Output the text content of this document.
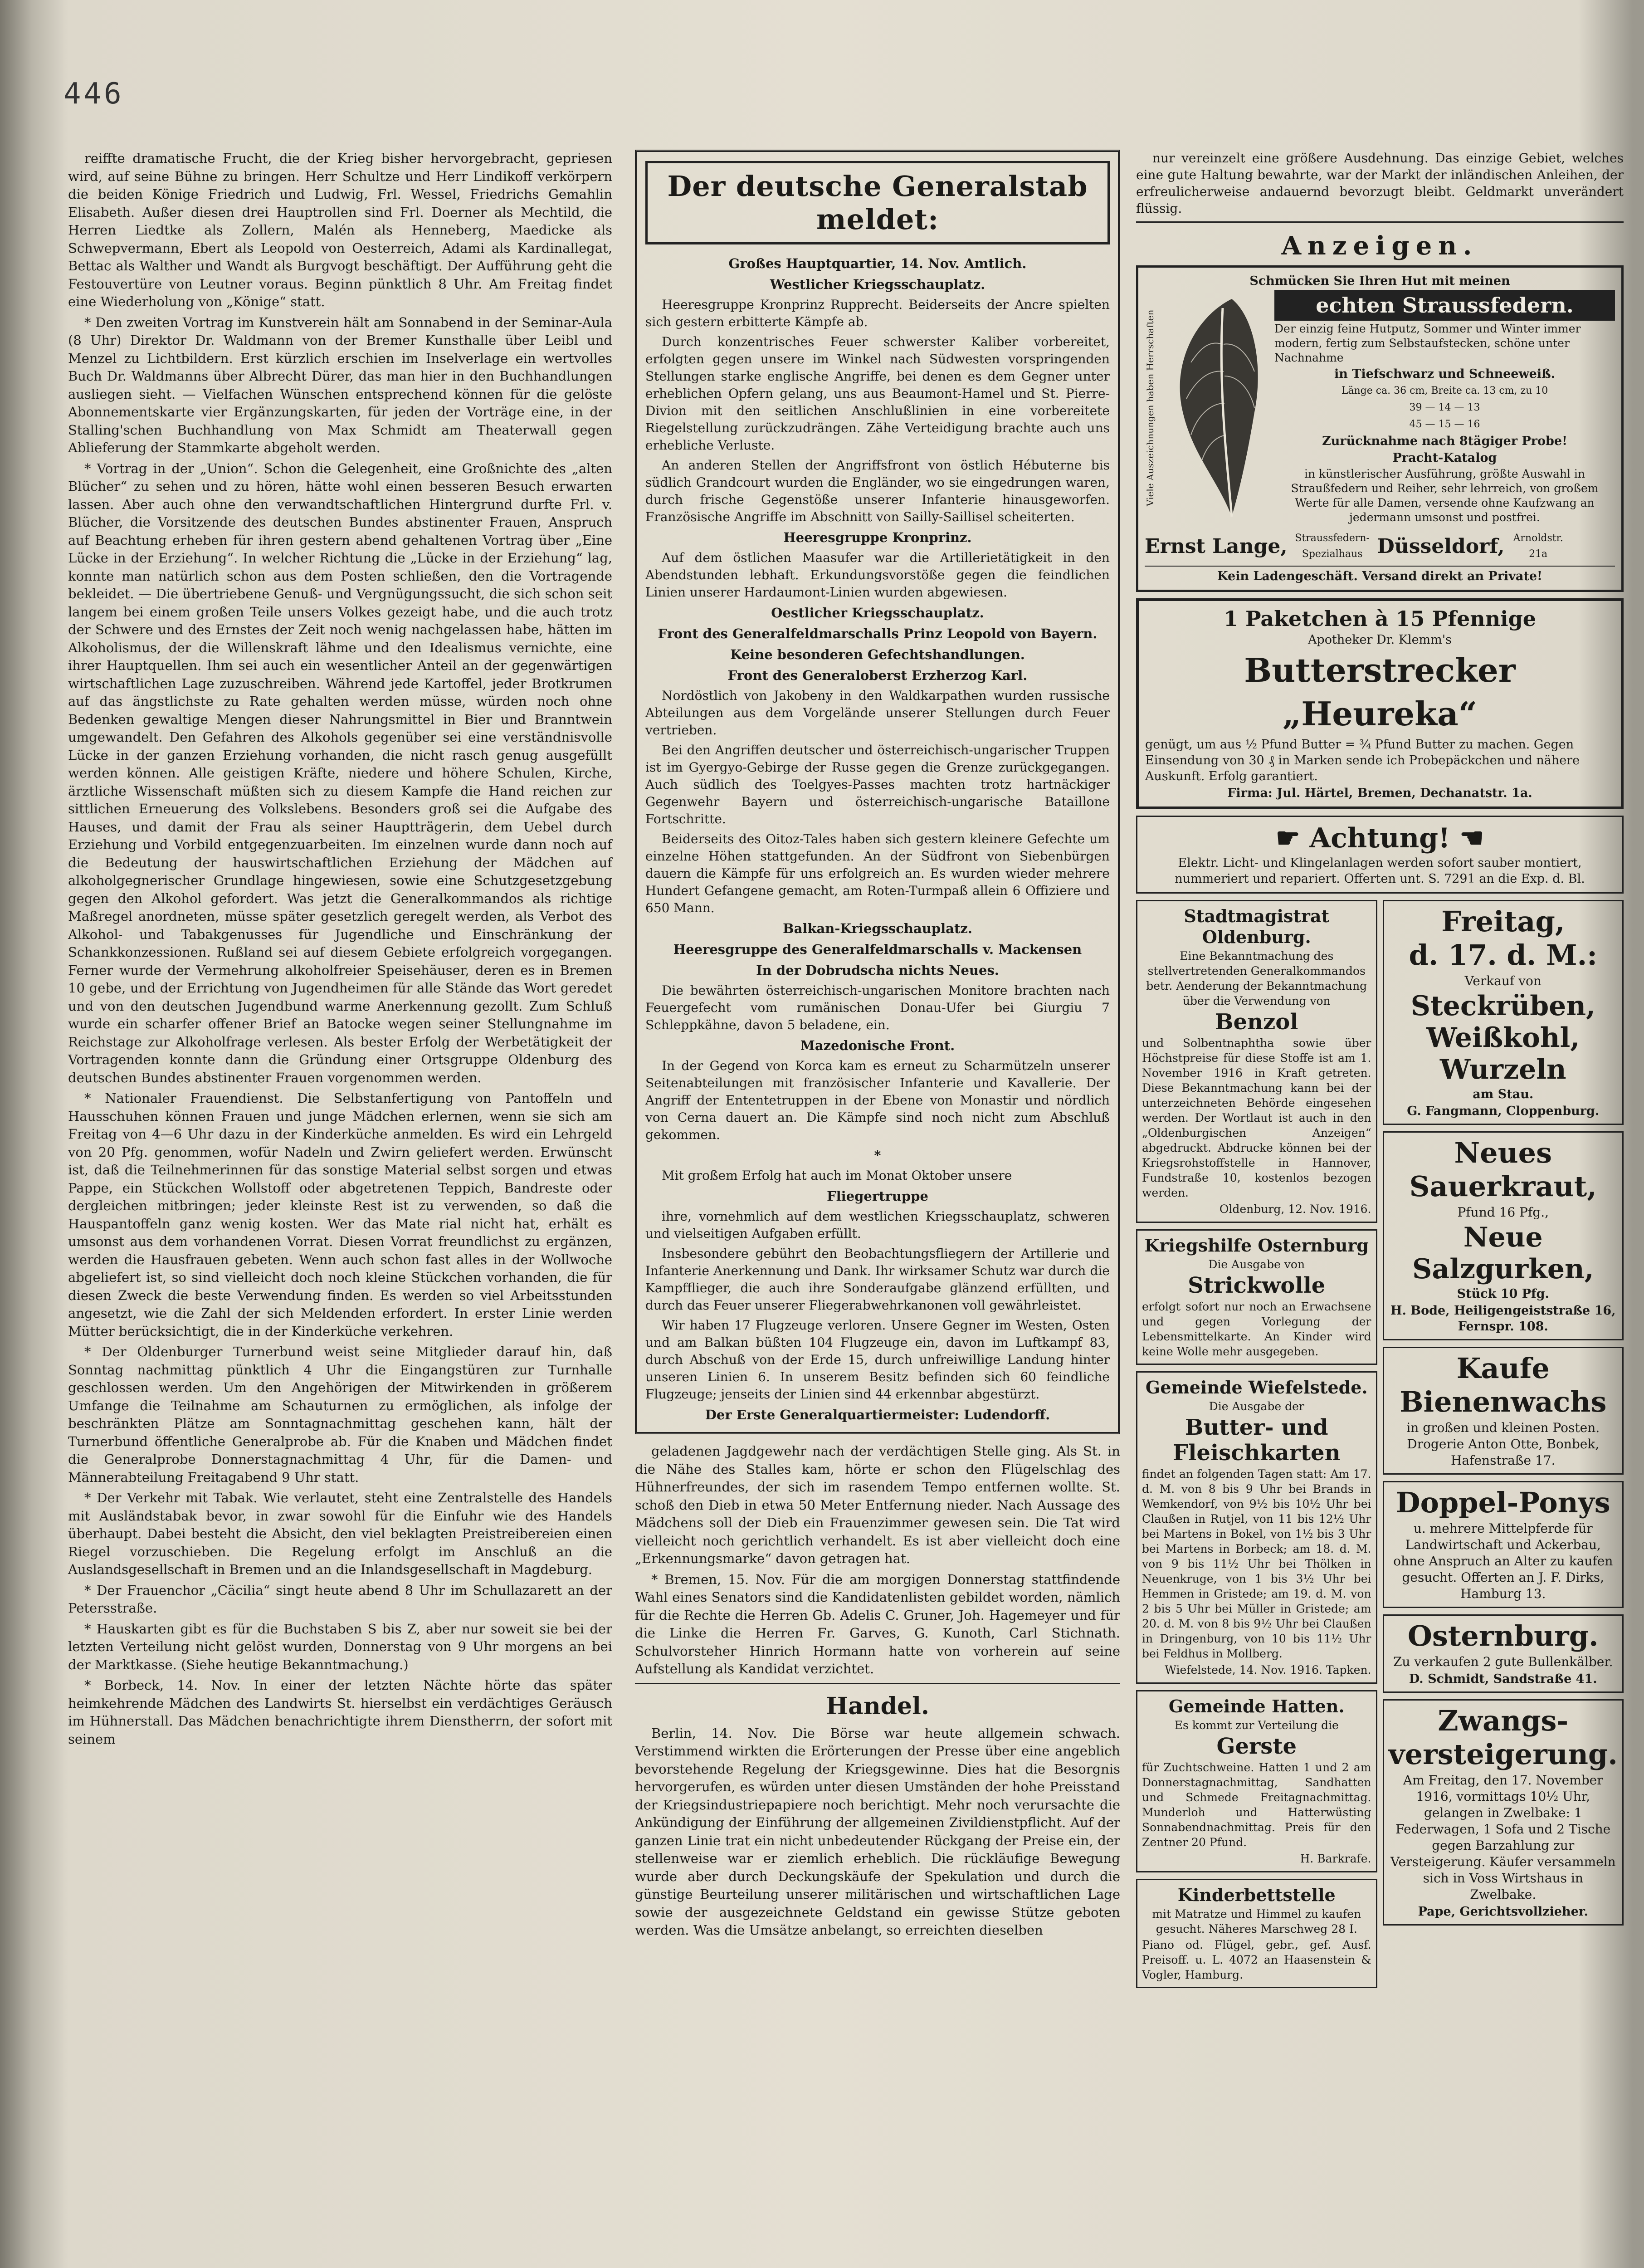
446

reiffte dramatische Frucht, die der Krieg bisher hervorgebracht, gepriesen wird, auf seine Bühne zu bringen. Herr Schultze und Herr Lindikoff verkörpern die beiden Könige Friedrich und Ludwig, Frl. Wessel, Friedrichs Gemahlin Elisabeth. Außer diesen drei Hauptrollen sind Frl. Doerner als Mechtild, die Herren Liedtke als Zollern, Malén als Henneberg, Maedicke als Schwepvermann, Ebert als Leopold von Oesterreich, Adami als Kardinallegat, Bettac als Walther und Wandt als Burgvogt beschäftigt. Der Aufführung geht die Festouvertüre von Leutner voraus. Beginn pünktlich 8 Uhr. Am Freitag findet eine Wiederholung von „Könige“ statt.

* Den zweiten Vortrag im Kunstverein hält am Sonnabend in der Seminar-Aula (8 Uhr) Direktor Dr. Waldmann von der Bremer Kunsthalle über Leibl und Menzel zu Lichtbildern. Erst kürzlich erschien im Inselverlage ein wertvolles Buch Dr. Waldmanns über Albrecht Dürer, das man hier in den Buchhandlungen ausliegen sieht. — Vielfachen Wünschen entsprechend können für die gelöste Abonnementskarte vier Ergänzungskarten, für jeden der Vorträge eine, in der Stalling'schen Buchhandlung von Max Schmidt am Theaterwall gegen Ablieferung der Stammkarte abgeholt werden.

* Vortrag in der „Union“. Schon die Gelegenheit, eine Großnichte des „alten Blücher“ zu sehen und zu hören, hätte wohl einen besseren Besuch erwarten lassen. Aber auch ohne den verwandtschaftlichen Hintergrund durfte Frl. v. Blücher, die Vorsitzende des deutschen Bundes abstinenter Frauen, Anspruch auf Beachtung erheben für ihren gestern abend gehaltenen Vortrag über „Eine Lücke in der Erziehung“. In welcher Richtung die „Lücke in der Erziehung“ lag, konnte man natürlich schon aus dem Posten schließen, den die Vortragende bekleidet. — Die übertriebene Genuß- und Vergnügungssucht, die sich schon seit langem bei einem großen Teile unsers Volkes gezeigt habe, und die auch trotz der Schwere und des Ernstes der Zeit noch wenig nachgelassen habe, hätten im Alkoholismus, der die Willenskraft lähme und den Idealismus vernichte, eine ihrer Hauptquellen. Ihm sei auch ein wesentlicher Anteil an der gegenwärtigen wirtschaftlichen Lage zuzuschreiben. Während jede Kartoffel, jeder Brotkrumen auf das ängstlichste zu Rate gehalten werden müsse, würden noch ohne Bedenken gewaltige Mengen dieser Nahrungsmittel in Bier und Branntwein umgewandelt. Den Gefahren des Alkohols gegenüber sei eine verständnisvolle Lücke in der ganzen Erziehung vorhanden, die nicht rasch genug ausgefüllt werden können. Alle geistigen Kräfte, niedere und höhere Schulen, Kirche, ärztliche Wissenschaft müßten sich zu diesem Kampfe die Hand reichen zur sittlichen Erneuerung des Volkslebens. Besonders groß sei die Aufgabe des Hauses, und damit der Frau als seiner Hauptträgerin, dem Uebel durch Erziehung und Vorbild entgegenzuarbeiten. Im einzelnen wurde dann noch auf die Bedeutung der hauswirtschaftlichen Erziehung der Mädchen auf alkoholgegnerischer Grundlage hingewiesen, sowie eine Schutzgesetzgebung gegen den Alkohol gefordert. Was jetzt die Generalkommandos als richtige Maßregel anordneten, müsse später gesetzlich geregelt werden, als Verbot des Alkohol- und Tabakgenusses für Jugendliche und Einschränkung der Schankkonzessionen. Rußland sei auf diesem Gebiete erfolgreich vorgegangen. Ferner wurde der Vermehrung alkoholfreier Speisehäuser, deren es in Bremen 10 gebe, und der Errichtung von Jugendheimen für alle Stände das Wort geredet und von den deutschen Jugendbund warme Anerkennung gezollt. Zum Schluß wurde ein scharfer offener Brief an Batocke wegen seiner Stellungnahme im Reichstage zur Alkoholfrage verlesen. Als bester Erfolg der Werbetätigkeit der Vortragenden konnte dann die Gründung einer Ortsgruppe Oldenburg des deutschen Bundes abstinenter Frauen vorgenommen werden.

* Nationaler Frauendienst. Die Selbstanfertigung von Pantoffeln und Hausschuhen können Frauen und junge Mädchen erlernen, wenn sie sich am Freitag von 4—6 Uhr dazu in der Kinderküche anmelden. Es wird ein Lehrgeld von 20 Pfg. genommen, wofür Nadeln und Zwirn geliefert werden. Erwünscht ist, daß die Teilnehmerinnen für das sonstige Material selbst sorgen und etwas Pappe, ein Stückchen Wollstoff oder abgetretenen Teppich, Bandreste oder dergleichen mitbringen; jeder kleinste Rest ist zu verwenden, so daß die Hauspantoffeln ganz wenig kosten. Wer das Mate rial nicht hat, erhält es umsonst aus dem vorhandenen Vorrat. Diesen Vorrat freundlichst zu ergänzen, werden die Hausfrauen gebeten. Wenn auch schon fast alles in der Wollwoche abgeliefert ist, so sind vielleicht doch noch kleine Stückchen vorhanden, die für diesen Zweck die beste Verwendung finden. Es werden so viel Arbeitsstunden angesetzt, wie die Zahl der sich Meldenden erfordert. In erster Linie werden Mütter berücksichtigt, die in der Kinderküche verkehren.

* Der Oldenburger Turnerbund weist seine Mitglieder darauf hin, daß Sonntag nachmittag pünktlich 4 Uhr die Eingangstüren zur Turnhalle geschlossen werden. Um den Angehörigen der Mitwirkenden in größerem Umfange die Teilnahme am Schauturnen zu ermöglichen, als infolge der beschränkten Plätze am Sonntagnachmittag geschehen kann, hält der Turnerbund öffentliche Generalprobe ab. Für die Knaben und Mädchen findet die Generalprobe Donnerstagnachmittag 4 Uhr, für die Damen- und Männerabteilung Freitagabend 9 Uhr statt.

* Der Verkehr mit Tabak. Wie verlautet, steht eine Zentralstelle des Handels mit Ausländstabak bevor, in zwar sowohl für die Einfuhr wie des Handels überhaupt. Dabei besteht die Absicht, den viel beklagten Preistreibereien einen Riegel vorzuschieben. Die Regelung erfolgt im Anschluß an die Auslandsgesellschaft in Bremen und an die Inlandsgesellschaft in Magdeburg.

* Der Frauenchor „Cäcilia“ singt heute abend 8 Uhr im Schullazarett an der Petersstraße.

* Hauskarten gibt es für die Buchstaben S bis Z, aber nur soweit sie bei der letzten Verteilung nicht gelöst wurden, Donnerstag von 9 Uhr morgens an bei der Marktkasse. (Siehe heutige Bekanntmachung.)

* Borbeck, 14. Nov. In einer der letzten Nächte hörte das später heimkehrende Mädchen des Landwirts St. hierselbst ein verdächtiges Geräusch im Hühnerstall. Das Mädchen benachrichtigte ihrem Dienstherrn, der sofort mit seinem

Der deutsche Generalstab meldet:
Großes Hauptquartier, 14. Nov. Amtlich.
Westlicher Kriegsschauplatz.

Heeresgruppe Kronprinz Rupprecht. Beiderseits der Ancre spielten sich gestern erbitterte Kämpfe ab.

Durch konzentrisches Feuer schwerster Kaliber vorbereitet, erfolgten gegen unsere im Winkel nach Südwesten vorspringenden Stellungen starke englische Angriffe, bei denen es dem Gegner unter erheblichen Opfern gelang, uns aus Beaumont-Hamel und St. Pierre-Divion mit den seitlichen Anschlußlinien in eine vorbereitete Riegelstellung zurückzudrängen. Zähe Verteidigung brachte auch uns erhebliche Verluste.

An anderen Stellen der Angriffsfront von östlich Hébuterne bis südlich Grandcourt wurden die Engländer, wo sie eingedrungen waren, durch frische Gegenstöße unserer Infanterie hinausgeworfen. Französische Angriffe im Abschnitt von Sailly-Saillisel scheiterten.

Heeresgruppe Kronprinz.

Auf dem östlichen Maasufer war die Artillerietätigkeit in den Abendstunden lebhaft. Erkundungsvorstöße gegen die feindlichen Linien unserer Hardaumont-Linien wurden abgewiesen.

Oestlicher Kriegsschauplatz.
Front des Generalfeldmarschalls Prinz Leopold von Bayern.
Keine besonderen Gefechtshandlungen.
Front des Generaloberst Erzherzog Karl.

Nordöstlich von Jakobeny in den Waldkarpathen wurden russische Abteilungen aus dem Vorgelände unserer Stellungen durch Feuer vertrieben.

Bei den Angriffen deutscher und österreichisch-ungarischer Truppen ist im Gyergyo-Gebirge der Russe gegen die Grenze zurückgegangen. Auch südlich des Toelgyes-Passes machten trotz hartnäckiger Gegenwehr Bayern und österreichisch-ungarische Bataillone Fortschritte.

Beiderseits des Oitoz-Tales haben sich gestern kleinere Gefechte um einzelne Höhen stattgefunden. An der Südfront von Siebenbürgen dauern die Kämpfe für uns erfolgreich an. Es wurden wieder mehrere Hundert Gefangene gemacht, am Roten-Turmpaß allein 6 Offiziere und 650 Mann.

Balkan-Kriegsschauplatz.
Heeresgruppe des Generalfeldmarschalls v. Mackensen
In der Dobrudscha nichts Neues.

Die bewährten österreichisch-ungarischen Monitore brachten nach Feuergefecht vom rumänischen Donau-Ufer bei Giurgiu 7 Schleppkähne, davon 5 beladene, ein.

Mazedonische Front.

In der Gegend von Korca kam es erneut zu Scharmützeln unserer Seitenabteilungen mit französischer Infanterie und Kavallerie. Der Angriff der Ententetruppen in der Ebene von Monastir und nördlich von Cerna dauert an. Die Kämpfe sind noch nicht zum Abschluß gekommen.

*

Mit großem Erfolg hat auch im Monat Oktober unsere

Fliegertruppe

ihre, vornehmlich auf dem westlichen Kriegsschauplatz, schweren und vielseitigen Aufgaben erfüllt.

Insbesondere gebührt den Beobachtungsfliegern der Artillerie und Infanterie Anerkennung und Dank. Ihr wirksamer Schutz war durch die Kampfflieger, die auch ihre Sonderaufgabe glänzend erfüllten, und durch das Feuer unserer Fliegerabwehrkanonen voll gewährleistet.

Wir haben 17 Flugzeuge verloren. Unsere Gegner im Westen, Osten und am Balkan büßten 104 Flugzeuge ein, davon im Luftkampf 83, durch Abschuß von der Erde 15, durch unfreiwillige Landung hinter unseren Linien 6. In unserem Besitz befinden sich 60 feindliche Flugzeuge; jenseits der Linien sind 44 erkennbar abgestürzt.

Der Erste Generalquartiermeister: Ludendorff.

geladenen Jagdgewehr nach der verdächtigen Stelle ging. Als St. in die Nähe des Stalles kam, hörte er schon den Flügelschlag des Hühnerfreundes, der sich im rasendem Tempo entfernen wollte. St. schoß den Dieb in etwa 50 Meter Entfernung nieder. Nach Aussage des Mädchens soll der Dieb ein Frauenzimmer gewesen sein. Die Tat wird vielleicht noch gerichtlich verhandelt. Es ist aber vielleicht doch eine „Erkennungsmarke“ davon getragen hat.

* Bremen, 15. Nov. Für die am morgigen Donnerstag stattfindende Wahl eines Senators sind die Kandidatenlisten gebildet worden, nämlich für die Rechte die Herren Gb. Adelis C. Gruner, Joh. Hagemeyer und für die Linke die Herren Fr. Garves, G. Kunoth, Carl Stichnath. Schulvorsteher Hinrich Hormann hatte von vorherein auf seine Aufstellung als Kandidat verzichtet.

Handel.

Berlin, 14. Nov. Die Börse war heute allgemein schwach. Verstimmend wirkten die Erörterungen der Presse über eine angeblich bevorstehende Regelung der Kriegsgewinne. Dies hat die Besorgnis hervorgerufen, es würden unter diesen Umständen der hohe Preisstand der Kriegsindustriepapiere noch berichtigt. Mehr noch verursachte die Ankündigung der Einführung der allgemeinen Zivildienstpflicht. Auf der ganzen Linie trat ein nicht unbedeutender Rückgang der Preise ein, der stellenweise war er ziemlich erheblich. Die rückläufige Bewegung wurde aber durch Deckungskäufe der Spekulation und durch die günstige Beurteilung unserer militärischen und wirtschaftlichen Lage sowie der ausgezeichnete Geldstand ein gewisse Stütze geboten werden. Was die Umsätze anbelangt, so erreichten dieselben

nur vereinzelt eine größere Ausdehnung. Das einzige Gebiet, welches eine gute Haltung bewahrte, war der Markt der inländischen Anleihen, der erfreulicherweise andauernd bevorzugt bleibt. Geldmarkt unverändert flüssig.

Anzeigen.
Schmücken Sie Ihren Hut mit meinen
Viele Auszeichnungen haben Herrschaften
echten Straussfedern.
Der einzig feine Hutputz, Sommer und Winter immer modern, fertig zum Selbstaufstecken, schöne unter Nachnahme
in Tiefschwarz und Schneeweiß.
Länge ca. 36 cm, Breite ca. 13 cm, zu 10
39 — 14 — 13
45 — 15 — 16
Zurücknahme nach 8tägiger Probe!
Pracht-Katalog
in künstlerischer Ausführung, größte Auswahl in Straußfedern und Reiher, sehr lehrreich, von großem Werte für alle Damen, versende ohne Kaufzwang an jedermann umsonst und postfrei.
Ernst Lange, Straussfedern-Spezialhaus Düsseldorf, Arnoldstr. 21a
Kein Ladengeschäft. Versand direkt an Private!
1 Paketchen à 15 Pfennige
Apotheker Dr. Klemm's
Butterstrecker „Heureka“
genügt, um aus ½ Pfund Butter = ¾ Pfund Butter zu machen. Gegen Einsendung von 30 ₰ in Marken sende ich Probepäckchen und nähere Auskunft. Erfolg garantiert.
Firma: Jul. Härtel, Bremen, Dechanatstr. 1a.
☛ Achtung! ☚
Elektr. Licht- und Klingelanlagen werden sofort sauber montiert, nummeriert und repariert. Offerten unt. S. 7291 an die Exp. d. Bl.
Stadtmagistrat Oldenburg.
Eine Bekanntmachung des stellvertretenden Generalkommandos betr. Aenderung der Bekanntmachung über die Verwendung von
Benzol
und Solbentnaphtha sowie über Höchstpreise für diese Stoffe ist am 1. November 1916 in Kraft getreten. Diese Bekanntmachung kann bei der unterzeichneten Behörde eingesehen werden. Der Wortlaut ist auch in den „Oldenburgischen Anzeigen“ abgedruckt. Abdrucke können bei der Kriegsrohstoffstelle in Hannover, Fundstraße 10, kostenlos bezogen werden.
Oldenburg, 12. Nov. 1916.
Kriegshilfe Osternburg
Die Ausgabe von
Strickwolle
erfolgt sofort nur noch an Erwachsene und gegen Vorlegung der Lebensmittelkarte. An Kinder wird keine Wolle mehr ausgegeben.
Gemeinde Wiefelstede.
Die Ausgabe der
Butter- und Fleischkarten
findet an folgenden Tagen statt: Am 17. d. M. von 8 bis 9 Uhr bei Brands in Wemkendorf, von 9½ bis 10½ Uhr bei Claußen in Rutjel, von 11 bis 12½ Uhr bei Martens in Bokel, von 1½ bis 3 Uhr bei Martens in Borbeck; am 18. d. M. von 9 bis 11½ Uhr bei Thölken in Neuenkruge, von 1 bis 3½ Uhr bei Hemmen in Gristede; am 19. d. M. von 2 bis 5 Uhr bei Müller in Gristede; am 20. d. M. von 8 bis 9½ Uhr bei Claußen in Dringenburg, von 10 bis 11½ Uhr bei Feldhus in Mollberg.
Wiefelstede, 14. Nov. 1916. Tapken.
Gemeinde Hatten.
Es kommt zur Verteilung die
Gerste
für Zuchtschweine. Hatten 1 und 2 am Donnerstagnachmittag, Sandhatten und Schmede Freitagnachmittag. Munderloh und Hatterwüsting Sonnabendnachmittag. Preis für den Zentner 20 Pfund.
H. Barkrafe.
Kinderbettstelle
mit Matratze und Himmel zu kaufen gesucht. Näheres Marschweg 28 I.
Piano od. Flügel, gebr., gef. Ausf. Preisoff. u. L. 4072 an Haasenstein & Vogler, Hamburg.
Freitag,
d. 17. d. M.:
Verkauf von
Steckrüben, Weißkohl, Wurzeln
am Stau.
G. Fangmann, Cloppenburg.
Neues Sauerkraut,
Pfund 16 Pfg.,
Neue Salzgurken,
Stück 10 Pfg.
H. Bode, Heiligengeiststraße 16, Fernspr. 108.
Kaufe
Bienenwachs
in großen und kleinen Posten. Drogerie Anton Otte, Bonbek, Hafenstraße 17.
Doppel-Ponys
u. mehrere Mittelpferde für Landwirtschaft und Ackerbau, ohne Anspruch an Alter zu kaufen gesucht. Offerten an J. F. Dirks, Hamburg 13.
Osternburg.
Zu verkaufen 2 gute Bullenkälber.
D. Schmidt, Sandstraße 41.
Zwangs-
versteigerung.
Am Freitag, den 17. November 1916, vormittags 10½ Uhr, gelangen in Zwelbake: 1 Federwagen, 1 Sofa und 2 Tische gegen Barzahlung zur Versteigerung. Käufer versammeln sich in Voss Wirtshaus in Zwelbake.
Pape, Gerichtsvollzieher.
